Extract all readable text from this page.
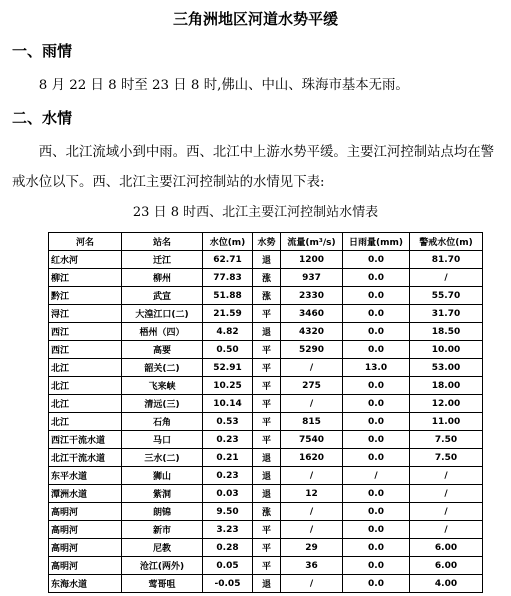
三角洲地区河道水势平缓
一、雨情
8 月 22 日 8 时至 23 日 8 时,佛山、中山、珠海市基本无雨。
二、水情
西、北江流域小到中雨。西、北江中上游水势平缓。主要江河控制站点均在警戒水位以下。西、北江主要江河控制站的水情见下表:
23 日 8 时西、北江主要江河控制站水情表
河名	站名	水位(m)	水势	流量(m³/s)	日雨量(mm)	警戒水位(m)
红水河	迁江	62.71	退	1200	0.0	81.70
柳江	柳州	77.83	涨	937	0.0	/
黔江	武宣	51.88	涨	2330	0.0	55.70
浔江	大湟江口(二)	21.59	平	3460	0.0	31.70
西江	梧州（四）	4.82	退	4320	0.0	18.50
西江	高要	0.50	平	5290	0.0	10.00
北江	韶关(二)	52.91	平	/	13.0	53.00
北江	飞来峡	10.25	平	275	0.0	18.00
北江	清远(三)	10.14	平	/	0.0	12.00
北江	石角	0.53	平	815	0.0	11.00
西江干流水道	马口	0.23	平	7540	0.0	7.50
北江干流水道	三水(二)	0.21	退	1620	0.0	7.50
东平水道	狮山	0.23	退	/	/	/
潭洲水道	紫洞	0.03	退	12	0.0	/
高明河	朗锦	9.50	涨	/	0.0	/
高明河	新市	3.23	平	/	0.0	/
高明河	尼教	0.28	平	29	0.0	6.00
高明河	沧江(两外)	0.05	平	36	0.0	6.00
东海水道	莺哥咀	-0.05	退	/	0.0	4.00
